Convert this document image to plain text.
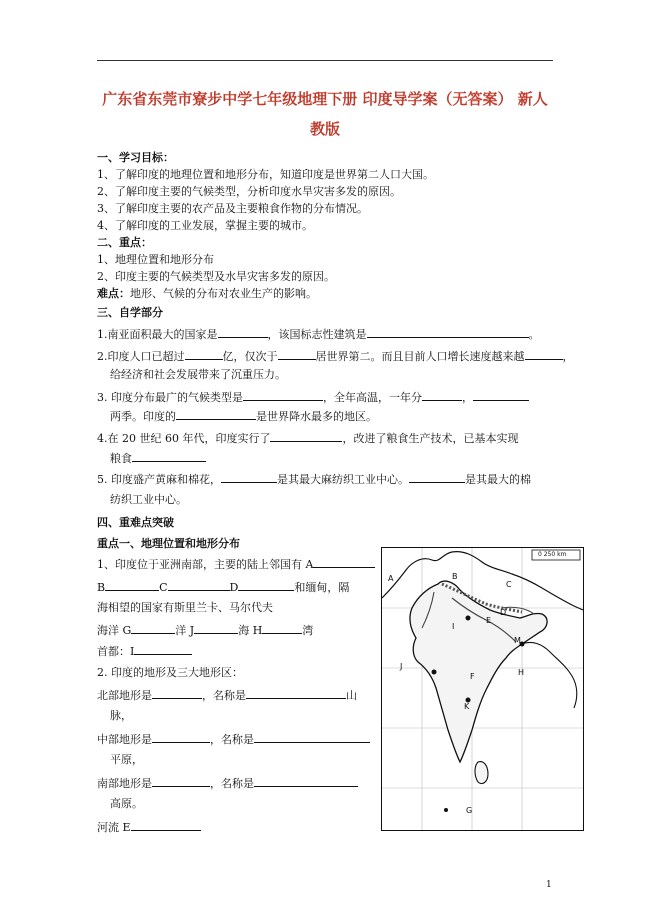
广东省东莞市寮步中学七年级地理下册 印度导学案（无答案） 新人
教版
一、学习目标：
1、了解印度的地理位置和地形分布，知道印度是世界第二人口大国。
2、了解印度主要的气候类型，分析印度水旱灾害多发的原因。
3、了解印度主要的农产品及主要粮食作物的分布情况。
4、了解印度的工业发展，掌握主要的城市。
二、重点：
1、地理位置和地形分布
2、印度主要的气候类型及水旱灾害多发的原因。
难点：地形、气候的分布对农业生产的影响。
三、自学部分
1.南亚面积最大的国家是	，该国标志性建筑是	。
2.印度人口已超过	亿，仅次于	居世界第二。而且目前人口增长速度越来越	，
给经济和社会发展带来了沉重压力。
3. 印度分布最广的气候类型是	，全年高温，一年分	，
两季。印度的	是世界降水最多的地区。
4.在 20 世纪 60 年代，印度实行了	，改进了粮食生产技术，已基本实现
粮食
5. 印度盛产黄麻和棉花，	是其最大麻纺织工业中心。	是其最大的棉
纺织工业中心。
四、重难点突破
重点一、地理位置和地形分布
1、印度位于亚洲南部，主要的陆上邻国有 A
B	C	D	和缅甸，隔
海相望的国家有斯里兰卡、马尔代夫
海洋 G	洋 J	海 H	湾
首都：I
2. 印度的地形及三大地形区：
北部地形是	，名称是	山
脉，
中部地形是	，名称是
平原，
南部地形是	，名称是
高原。
河流 E
0 250 km
A	B
C
D
E
F
G
H
I
J
K
M
1
